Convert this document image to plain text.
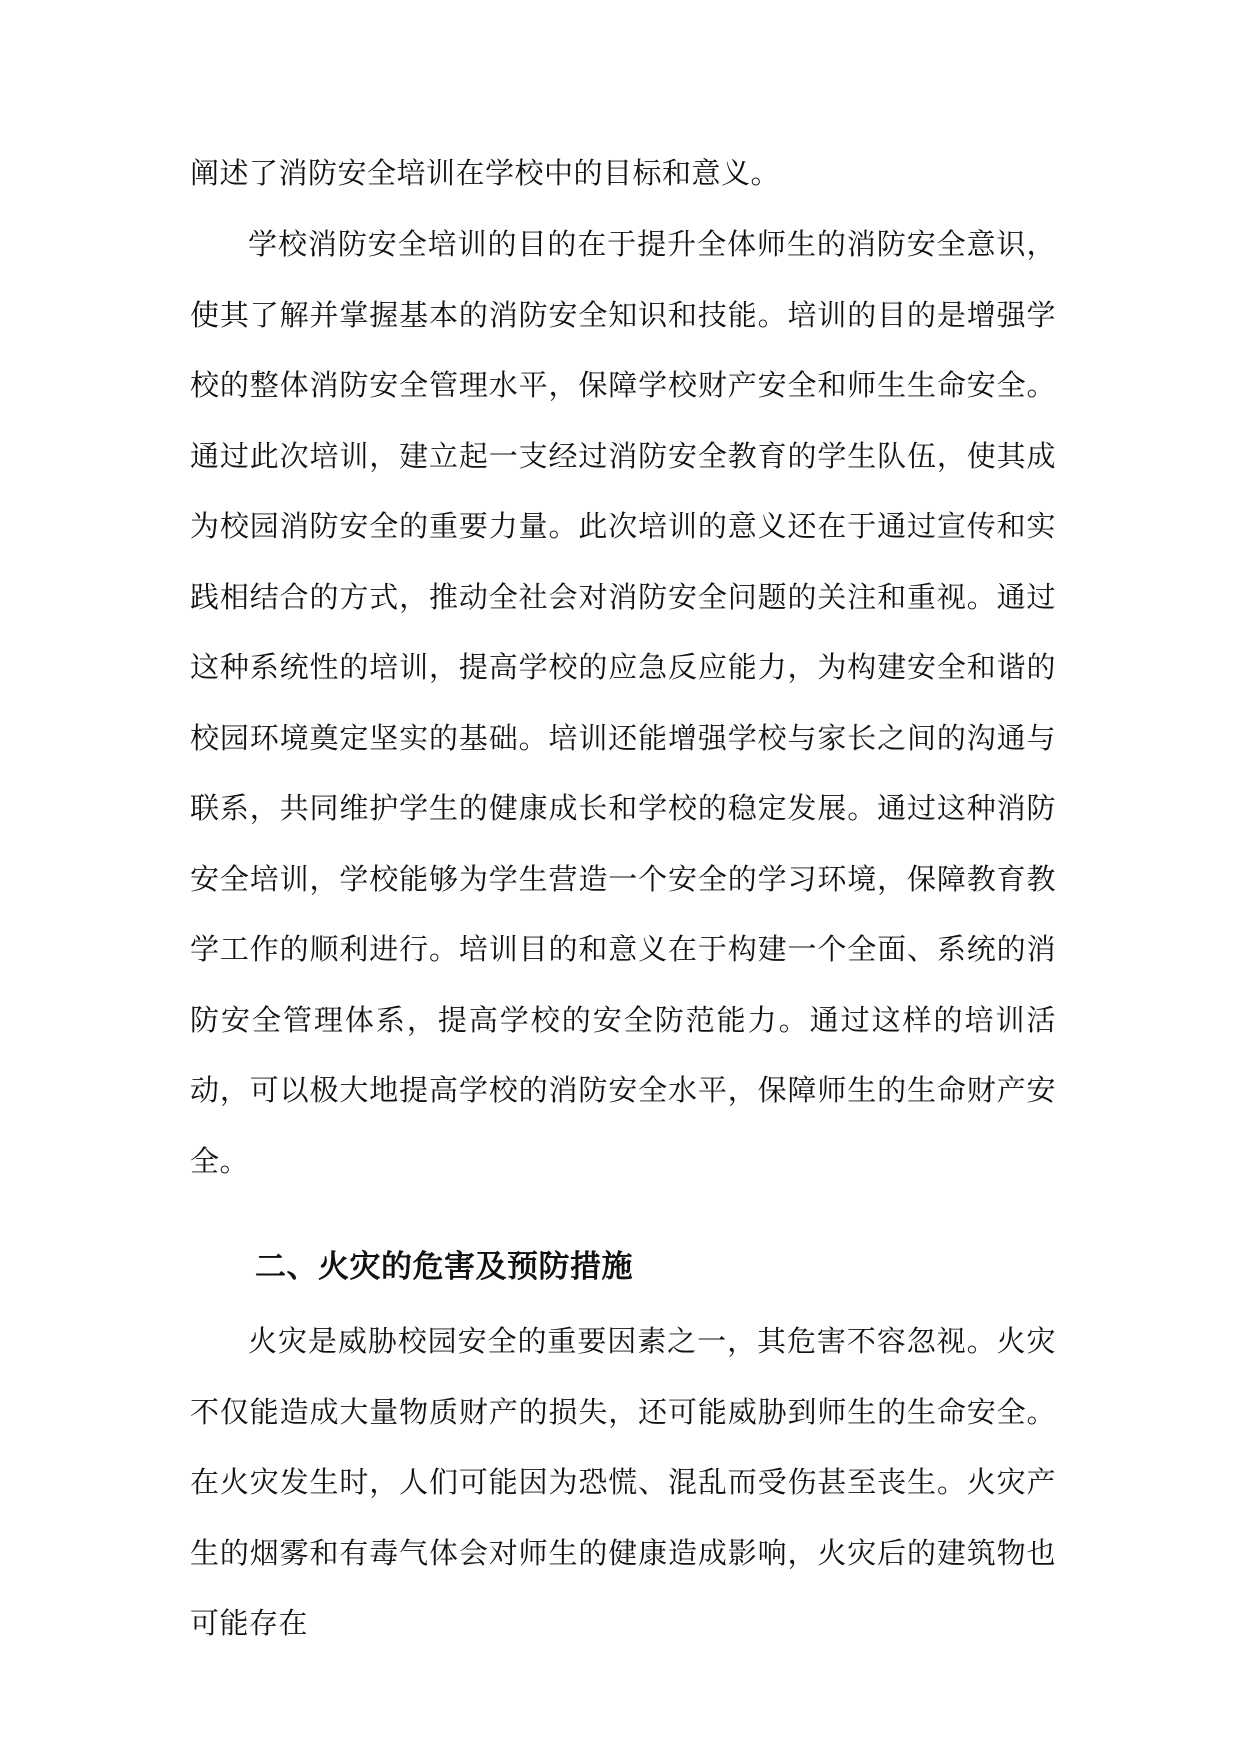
阐述了消防安全培训在学校中的目标和意义。

学校消防安全培训的目的在于提升全体师生的消防安全意识，使其了解并掌握基本的消防安全知识和技能。培训的目的是增强学校的整体消防安全管理水平，保障学校财产安全和师生生命安全。通过此次培训，建立起一支经过消防安全教育的学生队伍，使其成为校园消防安全的重要力量。此次培训的意义还在于通过宣传和实践相结合的方式，推动全社会对消防安全问题的关注和重视。通过这种系统性的培训，提高学校的应急反应能力，为构建安全和谐的校园环境奠定坚实的基础。培训还能增强学校与家长之间的沟通与联系，共同维护学生的健康成长和学校的稳定发展。通过这种消防安全培训，学校能够为学生营造一个安全的学习环境，保障教育教学工作的顺利进行。培训目的和意义在于构建一个全面、系统的消防安全管理体系，提高学校的安全防范能力。通过这样的培训活动，可以极大地提高学校的消防安全水平，保障师生的生命财产安全。

二、火灾的危害及预防措施

火灾是威胁校园安全的重要因素之一，其危害不容忽视。火灾不仅能造成大量物质财产的损失，还可能威胁到师生的生命安全。在火灾发生时，人们可能因为恐慌、混乱而受伤甚至丧生。火灾产生的烟雾和有毒气体会对师生的健康造成影响，火灾后的建筑物也可能存在
